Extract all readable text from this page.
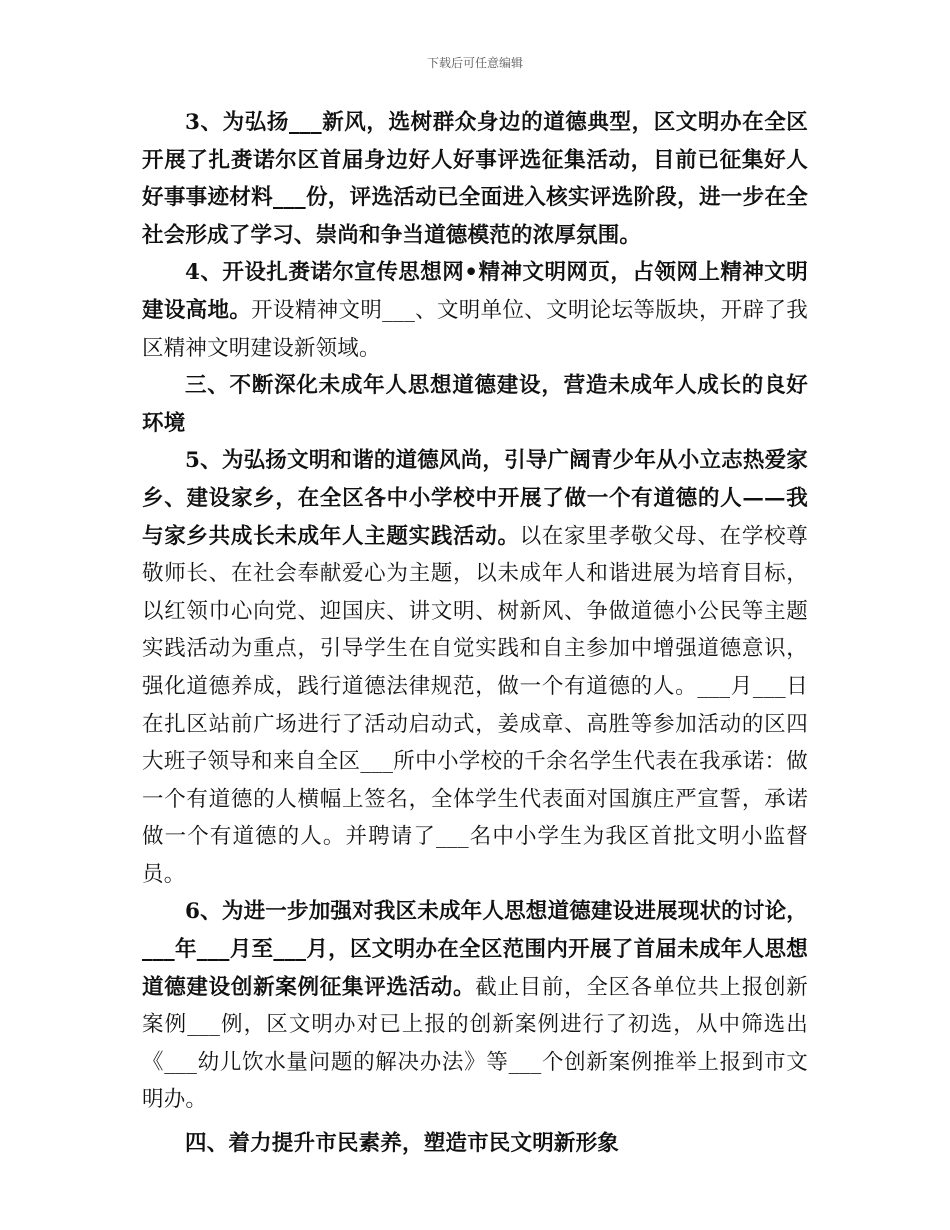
下载后可任意编辑

3、为弘扬___新风，选树群众身边的道德典型，区文明办在全区开展了扎赉诺尔区首届身边好人好事评选征集活动，目前已征集好人好事事迹材料___份，评选活动已全面进入核实评选阶段，进一步在全社会形成了学习、崇尚和争当道德模范的浓厚氛围。

4、开设扎赉诺尔宣传思想网•精神文明网页，占领网上精神文明建设高地。开设精神文明___、文明单位、文明论坛等版块，开辟了我区精神文明建设新领域。

三、不断深化未成年人思想道德建设，营造未成年人成长的良好环境

5、为弘扬文明和谐的道德风尚，引导广阔青少年从小立志热爱家乡、建设家乡，在全区各中小学校中开展了做一个有道德的人——我与家乡共成长未成年人主题实践活动。以在家里孝敬父母、在学校尊敬师长、在社会奉献爱心为主题，以未成年人和谐进展为培育目标，以红领巾心向党、迎国庆、讲文明、树新风、争做道德小公民等主题实践活动为重点，引导学生在自觉实践和自主参加中增强道德意识，强化道德养成，践行道德法律规范，做一个有道德的人。___月___日在扎区站前广场进行了活动启动式，姜成章、高胜等参加活动的区四大班子领导和来自全区___所中小学校的千余名学生代表在我承诺：做一个有道德的人横幅上签名，全体学生代表面对国旗庄严宣誓，承诺做一个有道德的人。并聘请了___名中小学生为我区首批文明小监督员。

6、为进一步加强对我区未成年人思想道德建设进展现状的讨论，___年___月至___月，区文明办在全区范围内开展了首届未成年人思想道德建设创新案例征集评选活动。截止目前，全区各单位共上报创新案例___例，区文明办对已上报的创新案例进行了初选，从中筛选出《___幼儿饮水量问题的解决办法》等___个创新案例推举上报到市文明办。

四、着力提升市民素养，塑造市民文明新形象
